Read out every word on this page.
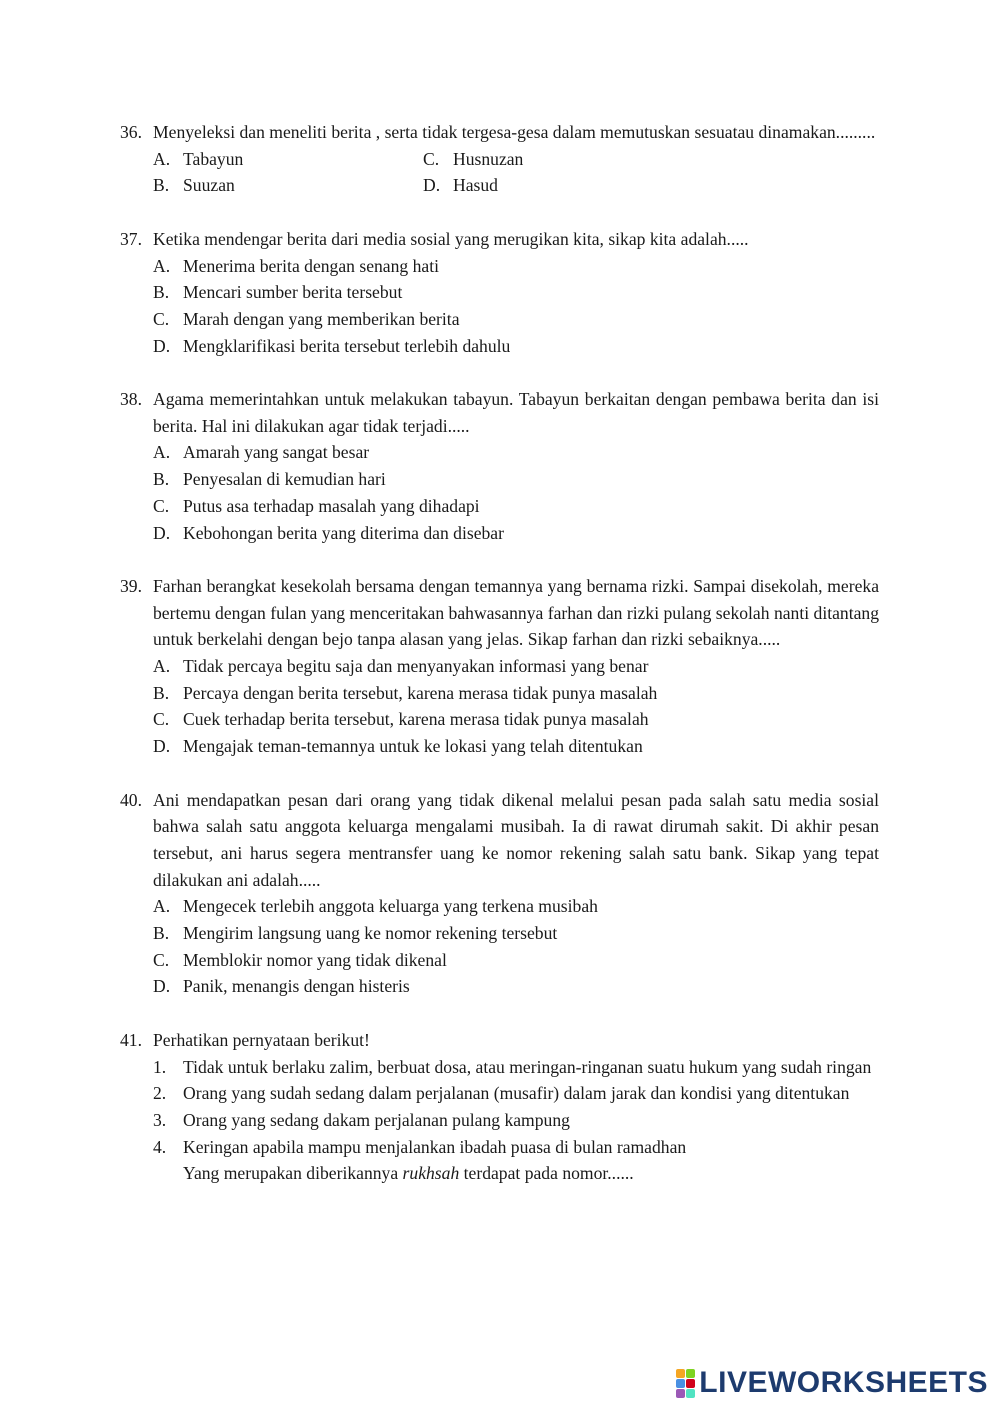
36. Menyeleksi dan meneliti berita , serta tidak tergesa-gesa dalam memutuskan sesuatau dinamakan.........
A. Tabayun	C. Husnuzan
B. Suuzan	D. Hasud
37. Ketika mendengar berita dari media sosial yang merugikan kita, sikap kita adalah.....
A. Menerima berita dengan senang hati
B. Mencari sumber berita tersebut
C. Marah dengan yang memberikan berita
D. Mengklarifikasi berita tersebut terlebih dahulu
38. Agama memerintahkan untuk melakukan tabayun. Tabayun berkaitan dengan pembawa berita dan isi berita. Hal ini dilakukan agar tidak terjadi.....
A. Amarah yang sangat besar
B. Penyesalan di kemudian hari
C. Putus asa terhadap masalah yang dihadapi
D. Kebohongan berita yang diterima dan disebar
39. Farhan berangkat kesekolah bersama dengan temannya yang bernama rizki. Sampai disekolah, mereka bertemu dengan fulan yang menceritakan bahwasannya farhan dan rizki pulang sekolah nanti ditantang untuk berkelahi dengan bejo tanpa alasan yang jelas. Sikap farhan dan rizki sebaiknya.....
A. Tidak percaya begitu saja dan menyanyakan informasi yang benar
B. Percaya dengan berita tersebut, karena merasa tidak punya masalah
C. Cuek terhadap berita tersebut, karena merasa tidak punya masalah
D. Mengajak teman-temannya untuk ke lokasi yang telah ditentukan
40. Ani mendapatkan pesan dari orang yang tidak dikenal melalui pesan pada salah satu media sosial bahwa salah satu anggota keluarga mengalami musibah. Ia di rawat dirumah sakit. Di akhir pesan tersebut, ani harus segera mentransfer uang ke nomor rekening salah satu bank. Sikap yang tepat dilakukan ani adalah.....
A. Mengecek terlebih anggota keluarga yang terkena musibah
B. Mengirim langsung uang ke nomor rekening tersebut
C. Memblokir nomor yang tidak dikenal
D. Panik, menangis dengan histeris
41. Perhatikan pernyataan berikut!
1. Tidak untuk berlaku zalim, berbuat dosa, atau meringan-ringanan suatu hukum yang sudah ringan
2. Orang yang sudah sedang dalam perjalanan (musafir) dalam jarak dan kondisi yang ditentukan
3. Orang yang sedang dakam perjalanan pulang kampung
4. Keringan apabila mampu menjalankan ibadah puasa di bulan ramadhan
Yang merupakan diberikannya rukhsah terdapat pada nomor......
LIVEWORKSHEETS
